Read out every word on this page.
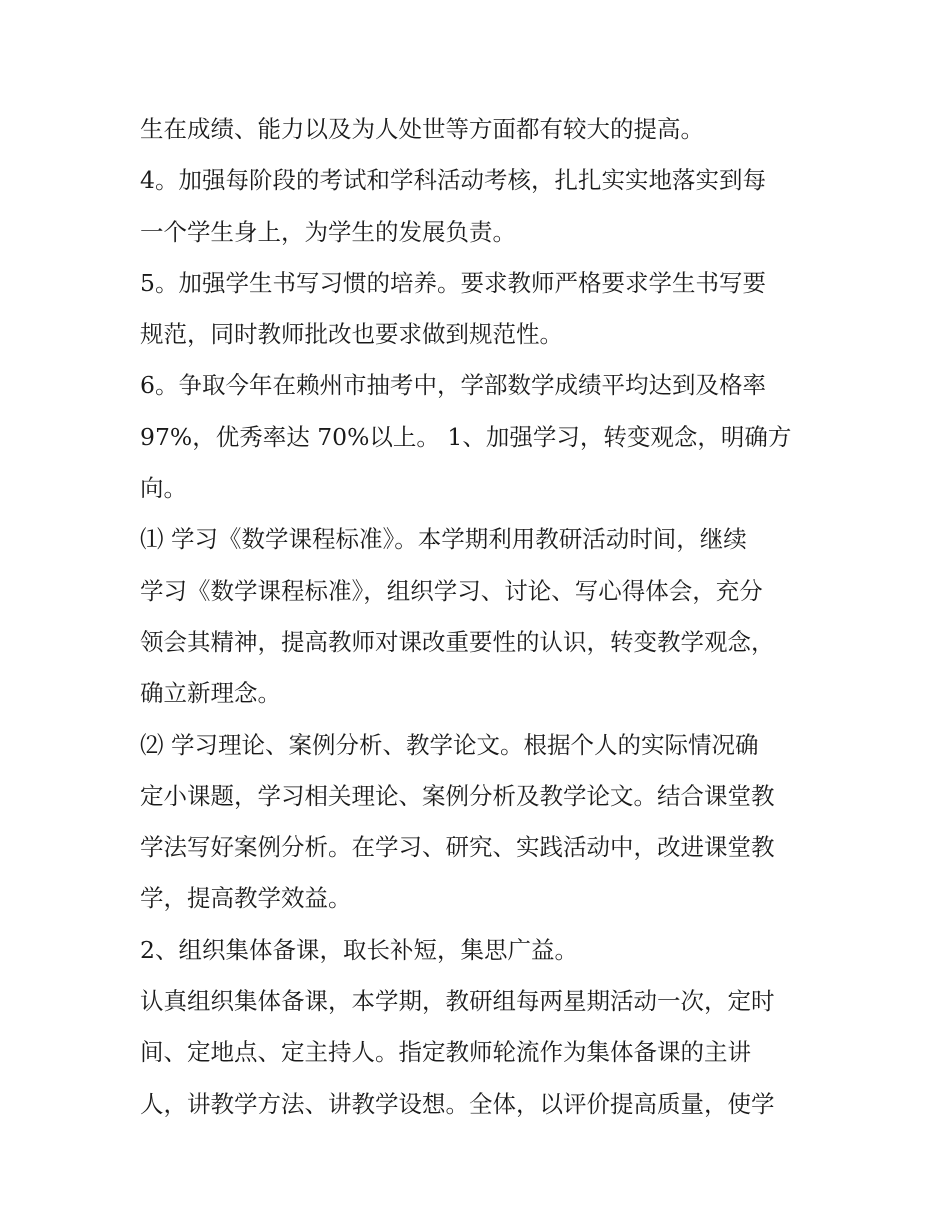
生在成绩、能力以及为人处世等方面都有较大的提高。

4。加强每阶段的考试和学科活动考核，扎扎实实地落实到每

一个学生身上，为学生的发展负责。

5。加强学生书写习惯的培养。要求教师严格要求学生书写要

规范，同时教师批改也要求做到规范性。

6。争取今年在赖州市抽考中，学部数学成绩平均达到及格率

97%，优秀率达 70%以上。 1、加强学习，转变观念，明确方

向。

⑴ 学习《数学课程标准》。本学期利用教研活动时间，继续

学习《数学课程标准》，组织学习、讨论、写心得体会，充分

领会其精神，提高教师对课改重要性的认识，转变教学观念，

确立新理念。

⑵ 学习理论、案例分析、教学论文。根据个人的实际情况确

定小课题，学习相关理论、案例分析及教学论文。结合课堂教

学法写好案例分析。在学习、研究、实践活动中，改进课堂教

学，提高教学效益。

2、组织集体备课，取长补短，集思广益。

认真组织集体备课，本学期，教研组每两星期活动一次，定时

间、定地点、定主持人。指定教师轮流作为集体备课的主讲

人，讲教学方法、讲教学设想。全体，以评价提高质量，使学
